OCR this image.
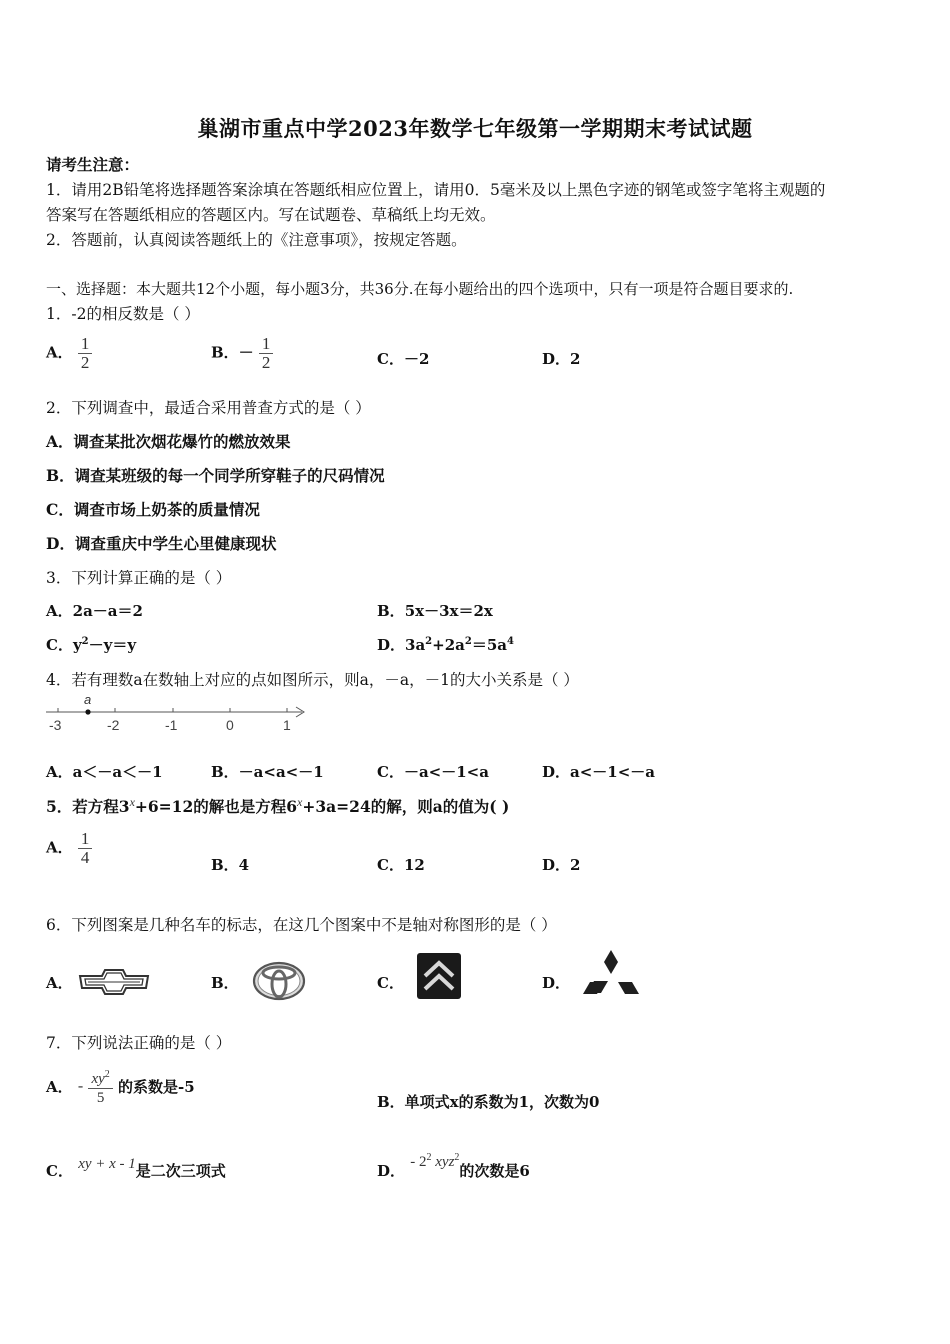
巢湖市重点中学2023年数学七年级第一学期期末考试试题
请考生注意：
1．请用2B铅笔将选择题答案涂填在答题纸相应位置上，请用0．5毫米及以上黑色字迹的钢笔或签字笔将主观题的
答案写在答题纸相应的答题区内。写在试题卷、草稿纸上均无效。
2．答题前，认真阅读答题纸上的《注意事项》，按规定答题。
一、选择题：本大题共12个小题，每小题3分，共36分.在每小题给出的四个选项中，只有一项是符合题目要求的.
1．-2的相反数是（ ）
A． $\frac{1}{2}$	B．－ $\frac{1}{2}$	C．－2	D．2
2．下列调查中，最适合采用普查方式的是（ ）
A．调查某批次烟花爆竹的燃放效果
B．调查某班级的每一个同学所穿鞋子的尺码情况
C．调查市场上奶茶的质量情况
D．调查重庆中学生心里健康现状
3．下列计算正确的是（ ）
A．2a－a＝2	B．5x－3x＝2x
C．$y^2-y=y$	D．$3a^2+2a^2=5a^4$
4．若有理数a在数轴上对应的点如图所示，则a，－a，－1的大小关系是（ ）
a
-3	-2	-1	0	1
A．a＜－a＜－1	B．－a<a<－1	C．－a<－1<a	D．a<－1<－a
5．若方程$3^x+6=12$的解也是方程$6^x+3a=24$的解，则a的值为( )
A． $\frac{1}{4}$	B．4	C．12	D．2
6．下列图案是几种名车的标志，在这几个图案中不是轴对称图形的是（ ）
A．	B．	C．	D．
7．下列说法正确的是（ ）
A． - $\frac{xy^2}{5}$ 的系数是-5
B．单项式x的系数为1，次数为0
C． xy + x - 1是二次三项式	D． - $2^2$ xyz$^2$的次数是6
